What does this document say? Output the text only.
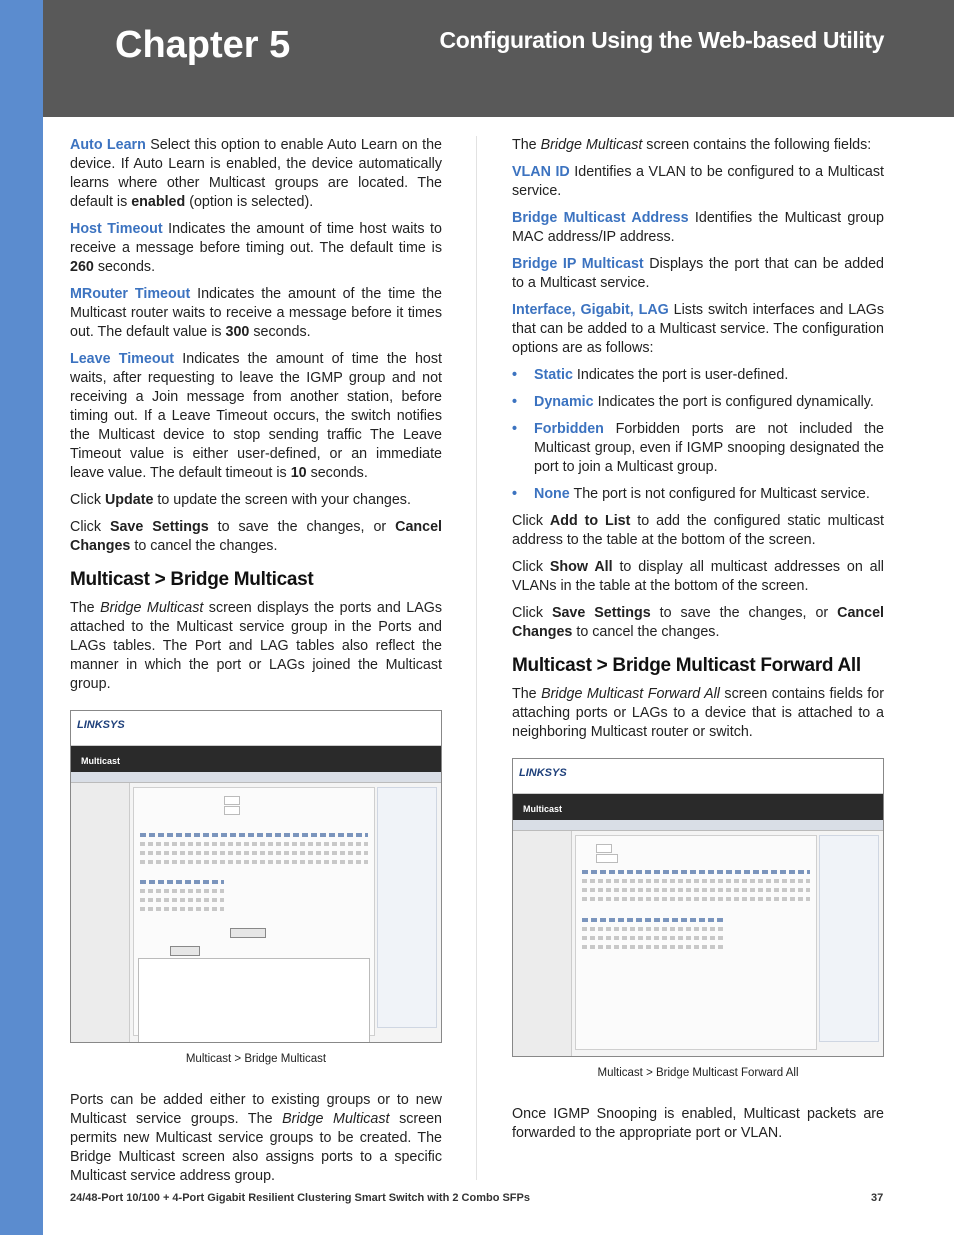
Chapter 5	Configuration Using the Web-based Utility

Auto Learn Select this option to enable Auto Learn on the device. If Auto Learn is enabled, the device automatically learns where other Multicast groups are located. The default is enabled (option is selected).

Host Timeout Indicates the amount of time host waits to receive a message before timing out. The default time is 260 seconds.

MRouter Timeout Indicates the amount of the time the Multicast router waits to receive a message before it times out. The default value is 300 seconds.

Leave Timeout Indicates the amount of time the host waits, after requesting to leave the IGMP group and not receiving a Join message from another station, before timing out. If a Leave Timeout occurs, the switch notifies the Multicast device to stop sending traffic The Leave Timeout value is either user-defined, or an immediate leave value. The default timeout is 10 seconds.

Click Update to update the screen with your changes.

Click Save Settings to save the changes, or Cancel Changes to cancel the changes.

Multicast > Bridge Multicast

The Bridge Multicast screen displays the ports and LAGs attached to the Multicast service group in the Ports and LAGs tables. The Port and LAG tables also reflect the manner in which the port or LAGs joined the Multicast group.

LINKSYS
Multicast
Multicast > Bridge Multicast

Ports can be added either to existing groups or to new Multicast service groups. The Bridge Multicast screen permits new Multicast service groups to be created. The Bridge Multicast screen also assigns ports to a specific Multicast service address group.

The Bridge Multicast screen contains the following fields:

VLAN ID Identifies a VLAN to be configured to a Multicast service.

Bridge Multicast Address Identifies the Multicast group MAC address/IP address.

Bridge IP Multicast Displays the port that can be added to a Multicast service.

Interface, Gigabit, LAG Lists switch interfaces and LAGs that can be added to a Multicast service. The configuration options are as follows:

• Static Indicates the port is user-defined.
• Dynamic Indicates the port is configured dynamically.
• Forbidden Forbidden ports are not included the Multicast group, even if IGMP snooping designated the port to join a Multicast group.
• None The port is not configured for Multicast service.

Click Add to List to add the configured static multicast address to the table at the bottom of the screen.

Click Show All to display all multicast addresses on all VLANs in the table at the bottom of the screen.

Click Save Settings to save the changes, or Cancel Changes to cancel the changes.

Multicast > Bridge Multicast Forward All

The Bridge Multicast Forward All screen contains fields for attaching ports or LAGs to a device that is attached to a neighboring Multicast router or switch.

LINKSYS
Multicast
Multicast > Bridge Multicast Forward All

Once IGMP Snooping is enabled, Multicast packets are forwarded to the appropriate port or VLAN.

24/48-Port 10/100 + 4-Port Gigabit Resilient Clustering Smart Switch with 2 Combo SFPs	37
